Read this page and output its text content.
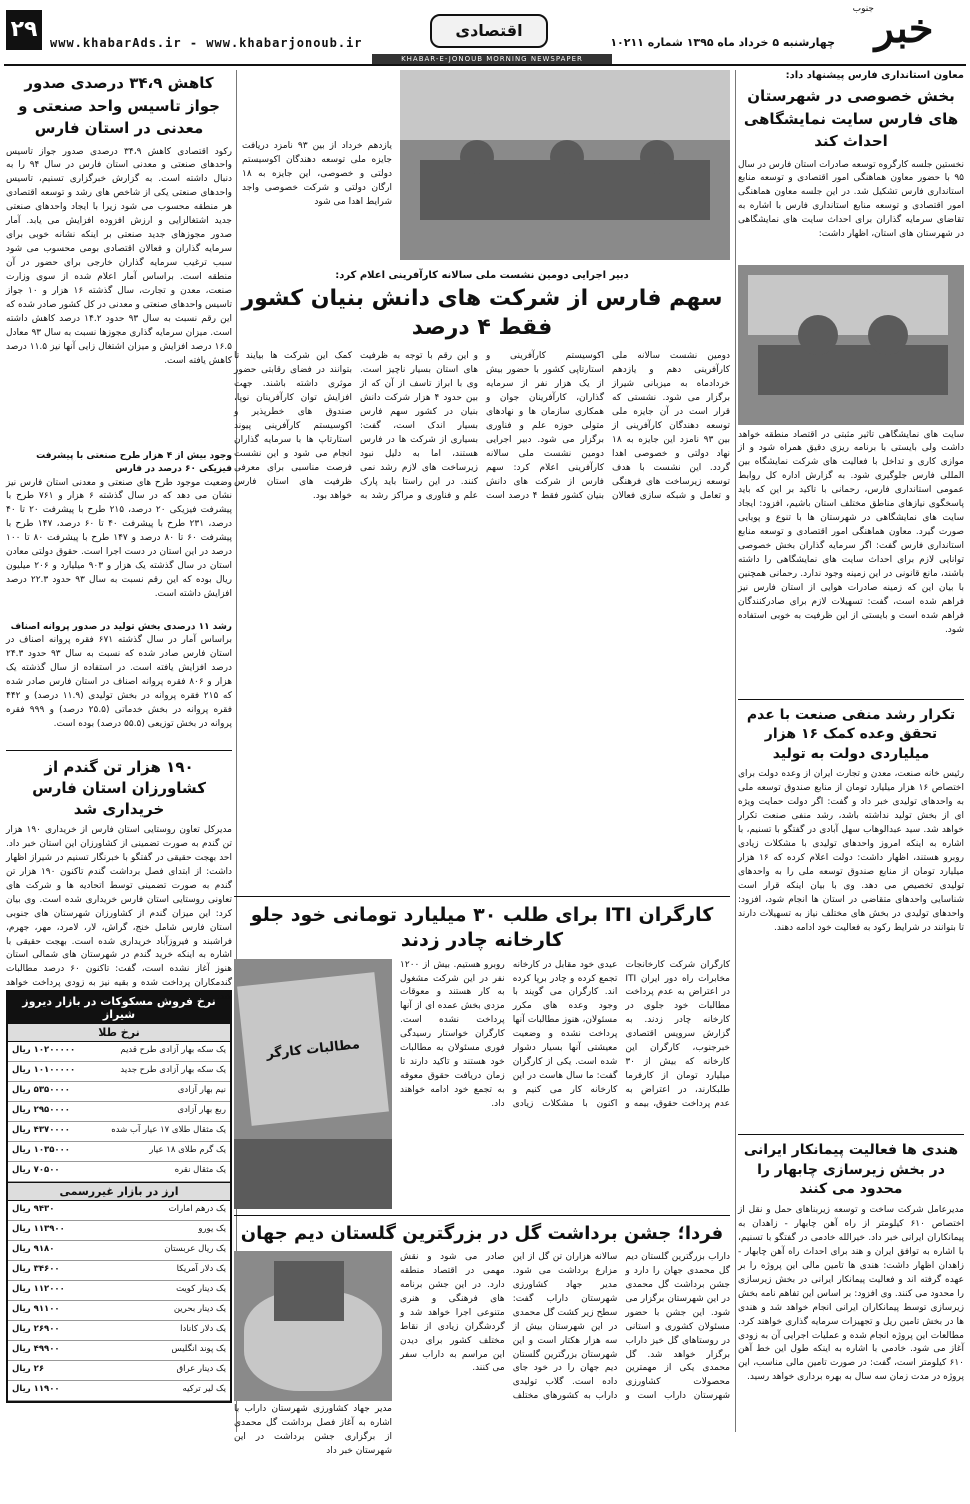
۲۹
www.khabarAds.ir - www.khabarjonoub.ir
اقتصادی	خبر
جنوب
چهارشنبه ۵ خرداد ماه ۱۳۹۵ شماره ۱۰۲۱۱
KHABAR-E-JONOUB MORNING NEWSPAPER
معاون استانداری فارس پیشنهاد داد:
بخش خصوصی در شهرستان های فارس سایت نمایشگاهی احداث کند
نخستین جلسه کارگروه توسعه صادرات استان فارس در سال ۹۵ با حضور معاون هماهنگی امور اقتصادی و توسعه منابع استانداری فارس تشکیل شد. در این جلسه معاون هماهنگی امور اقتصادی و توسعه منابع استانداری فارس با اشاره به تقاضای سرمایه گذاران برای احداث سایت های نمایشگاهی در شهرستان های استان، اظهار داشت:
سایت های نمایشگاهی تاثیر مثبتی در اقتصاد منطقه خواهد داشت ولی بایستی با برنامه ریزی دقیق همراه شود و از موازی کاری و تداخل با فعالیت های شرکت نمایشگاه بین المللی فارس جلوگیری شود. به گزارش اداره کل روابط عمومی استانداری فارس، رحمانی با تاکید بر این که باید پاسخگوی نیازهای مناطق مختلف استان باشیم، افزود: ایجاد سایت های نمایشگاهی در شهرستان ها با تنوع و پویایی صورت گیرد. معاون هماهنگی امور اقتصادی و توسعه منابع استانداری فارس گفت: اگر سرمایه گذاران بخش خصوصی توانایی لازم برای احداث سایت های نمایشگاهی را داشته باشند، مانع قانونی در این زمینه وجود ندارد. رحمانی همچنین با بیان این که زمینه صادرات هوایی از استان فارس نیز فراهم شده است، گفت: تسهیلات لازم برای صادرکنندگان فراهم شده است و بایستی از این ظرفیت به خوبی استفاده شود.
تکرار رشد منفی صنعت با عدم تحقق وعده کمک ۱۶ هزار میلیاردی دولت به تولید
رئیس خانه صنعت، معدن و تجارت ایران از وعده دولت برای اختصاص ۱۶ هزار میلیارد تومان از منابع صندوق توسعه ملی به واحدهای تولیدی خبر داد و گفت: اگر دولت حمایت ویژه ای از بخش تولید نداشته باشد، رشد منفی صنعت تکرار خواهد شد. سید عبدالوهاب سهل آبادی در گفتگو با تسنیم، با اشاره به اینکه امروز واحدهای تولیدی با مشکلات زیادی روبرو هستند، اظهار داشت: دولت اعلام کرده که ۱۶ هزار میلیارد تومان از منابع صندوق توسعه ملی را به واحدهای تولیدی تخصیص می دهد. وی با بیان اینکه قرار است شناسایی واحدهای متقاضی در استان ها انجام شود، افزود: واحدهای تولیدی در بخش های مختلف نیاز به تسهیلات دارند تا بتوانند در شرایط رکود به فعالیت خود ادامه دهند.
هندی ها فعالیت پیمانکار ایرانی در بخش زیرسازی چابهار را محدود می کنند
مدیرعامل شرکت ساخت و توسعه زیربناهای حمل و نقل از اختصاص ۶۱۰ کیلومتر از راه آهن چابهار - زاهدان به پیمانکاران ایرانی خبر داد. خیرالله خادمی در گفتگو با تسنیم، با اشاره به توافق ایران و هند برای احداث راه آهن چابهار - زاهدان اظهار داشت: هندی ها تامین مالی این پروژه را بر عهده گرفته اند و فعالیت پیمانکار ایرانی در بخش زیرسازی را محدود می کنند. وی افزود: بر اساس این تفاهم نامه بخش زیرسازی توسط پیمانکاران ایرانی انجام خواهد شد و هندی ها در بخش تامین ریل و تجهیزات سرمایه گذاری خواهند کرد. مطالعات این پروژه انجام شده و عملیات اجرایی آن به زودی آغاز می شود. خادمی با اشاره به اینکه طول این خط آهن ۶۱۰ کیلومتر است، گفت: در صورت تامین مالی مناسب، این پروژه در مدت زمان سه سال به بهره برداری خواهد رسید.
یازدهم خرداد از بین ۹۳ نامزد دریافت جایزه ملی توسعه دهندگان اکوسیستم دولتی و خصوصی، این جایزه به ۱۸ ارگان دولتی و شرکت خصوصی واجد شرایط اهدا می شود
دبیر اجرایی دومین نشست ملی سالانه کارآفرینی اعلام کرد:
سهم فارس از شرکت های دانش بنیان کشور فقط ۴ درصد
دومین نشست سالانه ملی کارآفرینی دهم و یازدهم خردادماه به میزبانی شیراز برگزار می شود. نشستی که قرار است در آن جایزه ملی توسعه دهندگان کارآفرینی از بین ۹۳ نامزد این جایزه به ۱۸ نهاد دولتی و خصوصی اهدا گردد. این نشست با هدف توسعه زیرساخت های فرهنگی و تعامل و شبکه سازی فعالان اکوسیستم کارآفرینی و استارتاپی کشور با حضور بیش از یک هزار نفر از سرمایه گذاران، کارآفرینان جوان و همکاری سازمان ها و نهادهای متولی حوزه علم و فناوری برگزار می شود. دبیر اجرایی دومین نشست ملی سالانه کارآفرینی اعلام کرد: سهم فارس از شرکت های دانش بنیان کشور فقط ۴ درصد است و این رقم با توجه به ظرفیت های استان بسیار ناچیز است. وی با ابراز تاسف از آن که از بین حدود ۴ هزار شرکت دانش بنیان در کشور سهم فارس بسیار اندک است، گفت: بسیاری از شرکت ها در فارس هستند، اما به دلیل نبود زیرساخت های لازم رشد نمی کنند. در این راستا باید پارک علم و فناوری و مراکز رشد به کمک این شرکت ها بیایند تا بتوانند در فضای رقابتی حضور موثری داشته باشند. جهت افزایش توان کارآفرینان نوپا، صندوق های خطرپذیر و اکوسیستم کارآفرینی پیوند استارتاپ ها با سرمایه گذاران انجام می شود و این نشست فرصت مناسبی برای معرفی ظرفیت های استان فارس خواهد بود.
کارگران ITI برای طلب ۳۰ میلیارد تومانی خود جلو کارخانه چادر زدند
کارگران شرکت کارخانجات مخابرات راه دور ایران ITI در اعتراض به عدم پرداخت مطالبات خود جلوی در کارخانه چادر زدند. به گزارش سرویس اقتصادی خبرجنوب، کارگران این کارخانه که بیش از ۳۰ میلیارد تومان از کارفرما طلبکارند، در اعتراض به عدم پرداخت حقوق، بیمه و عیدی خود مقابل در کارخانه تجمع کرده و چادر برپا کرده اند. کارگران می گویند با وجود وعده های مکرر مسئولان، هنوز مطالبات آنها پرداخت نشده و وضعیت معیشتی آنها بسیار دشوار شده است. یکی از کارگران گفت: ما سال هاست در این کارخانه کار می کنیم و اکنون با مشکلات زیادی روبرو هستیم. بیش از ۱۲۰۰ نفر در این شرکت مشغول به کار هستند و معوقات مزدی بخش عمده ای از آنها پرداخت نشده است. کارگران خواستار رسیدگی فوری مسئولان به مطالبات خود هستند و تاکید دارند تا زمان دریافت حقوق معوقه به تجمع خود ادامه خواهند داد.
مطالبات کارگر
فردا؛ جشن برداشت گل در بزرگترین گلستان دیم جهان
داراب بزرگترین گلستان دیم گل محمدی جهان را دارد و جشن برداشت گل محمدی در این شهرستان برگزار می شود. این جشن با حضور مسئولان کشوری و استانی در روستاهای گل خیز داراب برگزار خواهد شد. گل محمدی یکی از مهمترین محصولات کشاورزی شهرستان داراب است و سالانه هزاران تن گل از این مزارع برداشت می شود. مدیر جهاد کشاورزی شهرستان داراب گفت: سطح زیر کشت گل محمدی در این شهرستان بیش از سه هزار هکتار است و این شهرستان بزرگترین گلستان دیم جهان را در خود جای داده است. گلاب تولیدی داراب به کشورهای مختلف صادر می شود و نقش مهمی در اقتصاد منطقه دارد. در این جشن برنامه های فرهنگی و هنری متنوعی اجرا خواهد شد و گردشگران زیادی از نقاط مختلف کشور برای دیدن این مراسم به داراب سفر می کنند.
مدیر جهاد کشاورزی شهرستان داراب با اشاره به آغاز فصل برداشت گل محمدی از برگزاری جشن برداشت در این شهرستان خبر داد
کاهش ۳۴،۹ درصدی صدور جواز تاسیس واحد صنعتی و معدنی در استان فارس
رکود اقتصادی کاهش ۳۴،۹ درصدی صدور جواز تاسیس واحدهای صنعتی و معدنی استان فارس در سال ۹۴ را به دنبال داشته است. به گزارش خبرگزاری تسنیم، تاسیس واحدهای صنعتی یکی از شاخص های رشد و توسعه اقتصادی هر منطقه محسوب می شود زیرا با ایجاد واحدهای صنعتی جدید اشتغالزایی و ارزش افزوده افزایش می یابد. آمار صدور مجوزهای جدید صنعتی بر اینکه نشانه خوبی برای سرمایه گذاران و فعالان اقتصادی بومی محسوب می شود سبب ترغیب سرمایه گذاران خارجی برای حضور در آن منطقه است. براساس آمار اعلام شده از سوی وزارت صنعت، معدن و تجارت، سال گذشته ۱۶ هزار و ۱۰ جواز تاسیس واحدهای صنعتی و معدنی در کل کشور صادر شده که این رقم نسبت به سال ۹۳ حدود ۱۴.۲ درصد کاهش داشته است. میزان سرمایه گذاری مجوزها نسبت به سال ۹۳ معادل ۱۶.۵ درصد افزایش و میزان اشتغال زایی آنها نیز ۱۱.۵ درصد کاهش یافته است.
وجود بیش از ۴ هزار طرح صنعتی با پیشرفت فیزیکی ۶۰ درصد در فارس
وضعیت موجود طرح های صنعتی و معدنی استان فارس نیز نشان می دهد که در سال گذشته ۶ هزار و ۷۶۱ طرح با پیشرفت فیزیکی ۲۰ درصد، ۲۱۵ طرح با پیشرفت ۲۰ تا ۴۰ درصد، ۲۳۱ طرح با پیشرفت ۴۰ تا ۶۰ درصد، ۱۴۷ طرح با پیشرفت ۶۰ تا ۸۰ درصد و ۱۴۷ طرح با پیشرفت ۸۰ تا ۱۰۰ درصد در این استان در دست اجرا است. حقوق دولتی معادن استان در سال گذشته یک هزار و ۹۰۳ میلیارد و ۲۰۶ میلیون ریال بوده که این رقم نسبت به سال ۹۳ حدود ۲۲.۳ درصد افزایش داشته است.
رشد ۱۱ درصدی بخش تولید در صدور پروانه اصناف
براساس آمار در سال گذشته ۶۷۱ فقره پروانه اصناف در استان فارس صادر شده که نسبت به سال ۹۳ حدود ۲۴.۳ درصد افزایش یافته است. در استفاده از سال گذشته یک هزار و ۸۰۶ فقره پروانه اصناف در استان فارس صادر شده که ۲۱۵ فقره پروانه در بخش تولیدی (۱۱.۹ درصد) و ۴۴۲ فقره پروانه در بخش خدماتی (۲۵.۵ درصد) و ۹۹۹ فقره پروانه در بخش توزیعی (۵۵.۵ درصد) بوده است.
۱۹۰ هزار تن گندم از کشاورزان استان فارس خریداری شد
مدیرکل تعاون روستایی استان فارس از خریداری ۱۹۰ هزار تن گندم به صورت تضمینی از کشاورزان این استان خبر داد. احد بهجت حقیقی در گفتگو با خبرنگار تسنیم در شیراز اظهار داشت: از ابتدای فصل برداشت گندم تاکنون ۱۹۰ هزار تن گندم به صورت تضمینی توسط اتحادیه ها و شرکت های تعاونی روستایی استان فارس خریداری شده است. وی بیان کرد: این میزان گندم از کشاورزان شهرستان های جنوبی استان فارس شامل خنج، گراش، لار، لامرد، مهر، جهرم، فراشبند و فیروزآباد خریداری شده است. بهجت حقیقی با اشاره به اینکه خرید گندم در شهرستان های شمالی استان هنوز آغاز نشده است، گفت: تاکنون ۶۰ درصد مطالبات گندمکاران پرداخت شده و بقیه نیز به زودی پرداخت خواهد شد.
نرخ فروش مسکوکات در بازار دیروز شیراز
نرخ طلا
یک سکه بهار آزادی طرح قدیم
۱۰۲۰۰۰۰۰ ریال
یک سکه بهار آزادی طرح جدید
۱۰۱۰۰۰۰۰ ریال
نیم بهار آزادی
۵۳۵۰۰۰۰ ریال
ربع بهار آزادی
۲۹۵۰۰۰۰ ریال
یک مثقال طلای ۱۷ عیار آب شده
۴۳۷۰۰۰۰ ریال
یک گرم طلای ۱۸ عیار
۱۰۳۵۰۰۰ ریال
یک مثقال نقره
۷۰۵۰۰ ریال
ارز در بازار غیررسمی
یک درهم امارات
۹۴۳۰ ریال
یک یورو
۱۱۳۹۰۰ ریال
یک ریال عربستان
۹۱۸۰ ریال
یک دلار آمریکا
۳۴۶۰۰ ریال
یک دینار کویت
۱۱۲۰۰۰ ریال
یک دینار بحرین
۹۱۱۰۰ ریال
یک دلار کانادا
۲۶۹۰۰ ریال
یک پوند انگلیس
۴۹۹۰۰ ریال
یک دینار عراق
۲۶ ریال
یک لیر ترکیه
۱۱۹۰۰ ریال
